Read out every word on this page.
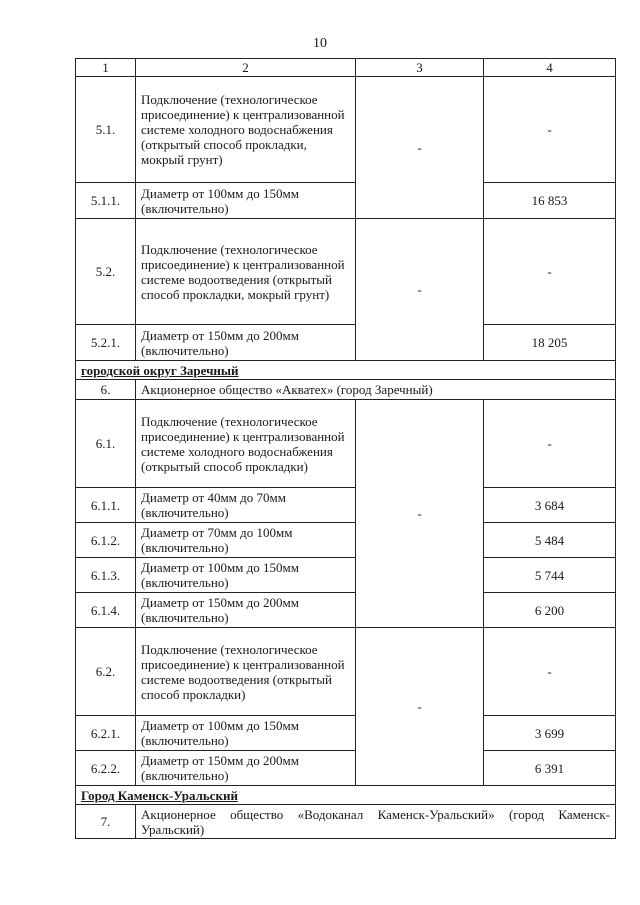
10
1	2	3	4
5.1.	Подключение (технологическое присоединение) к централизованной системе холодного водоснабжения (открытый способ прокладки, мокрый грунт)	-	-
5.1.1.	Диаметр от 100мм до 150мм (включительно)		16 853
5.2.	Подключение (технологическое присоединение) к централизованной системе водоотведения (открытый способ прокладки, мокрый грунт)	-	-
5.2.1.	Диаметр от 150мм до 200мм (включительно)		18 205
городской округ Заречный			
6.	Акционерное общество «Акватех» (город Заречный)		
6.1.	Подключение (технологическое присоединение) к централизованной системе холодного водоснабжения (открытый способ прокладки)	-	-
6.1.1.	Диаметр от 40мм до 70мм (включительно)		3 684
6.1.2.	Диаметр от 70мм до 100мм (включительно)		5 484
6.1.3.	Диаметр от 100мм до 150мм (включительно)		5 744
6.1.4.	Диаметр от 150мм до 200мм (включительно)		6 200
6.2.	Подключение (технологическое присоединение) к централизованной системе водоотведения (открытый способ прокладки)	-	-
6.2.1.	Диаметр от 100мм до 150мм (включительно)		3 699
6.2.2.	Диаметр от 150мм до 200мм (включительно)		6 391
Город Каменск-Уральский			
7.	Акционерное общество «Водоканал Каменск-Уральский» (город Каменск-Уральский)		
